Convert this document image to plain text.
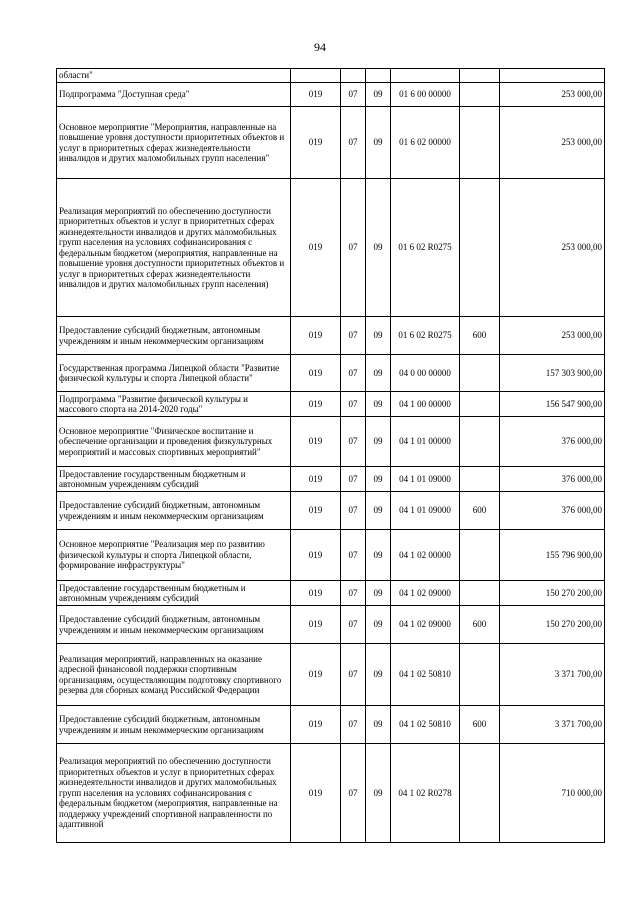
94
области"						
Подпрограмма "Доступная среда"	019	07	09	01 6 00 00000		253 000,00
Основное мероприятие "Мероприятия, направленные на повышение уровня доступности приоритетных объектов и услуг в приоритетных сферах жизнедеятельности инвалидов и других маломобильных групп населения"	019	07	09	01 6 02 00000		253 000,00
Реализация мероприятий по обеспечению доступности приоритетных объектов и услуг в приоритетных сферах жизнедеятельности инвалидов и других маломобильных групп населения на условиях софинансирования с федеральным бюджетом (мероприятия, направленные на повышение уровня доступности приоритетных объектов и услуг в приоритетных сферах жизнедеятельности инвалидов и других маломобильных групп населения)	019	07	09	01 6 02 R0275		253 000,00
Предоставление субсидий бюджетным, автономным учреждениям и иным некоммерческим организациям	019	07	09	01 6 02 R0275	600	253 000,00
Государственная программа Липецкой области "Развитие физической культуры и спорта Липецкой области"	019	07	09	04 0 00 00000		157 303 900,00
Подпрограмма "Развитие физической культуры и массового спорта на 2014-2020 годы"	019	07	09	04 1 00 00000		156 547 900,00
Основное мероприятие "Физическое воспитание и обеспечение организации и проведения физкультурных мероприятий и массовых спортивных мероприятий"	019	07	09	04 1 01 00000		376 000,00
Предоставление государственным бюджетным и автономным учреждениям субсидий	019	07	09	04 1 01 09000		376 000,00
Предоставление субсидий бюджетным, автономным учреждениям и иным некоммерческим организациям	019	07	09	04 1 01 09000	600	376 000,00
Основное мероприятие "Реализация мер по развитию физической культуры и спорта Липецкой области, формирование инфраструктуры"	019	07	09	04 1 02 00000		155 796 900,00
Предоставление государственным бюджетным и автономным учреждениям субсидий	019	07	09	04 1 02 09000		150 270 200,00
Предоставление субсидий бюджетным, автономным учреждениям и иным некоммерческим организациям	019	07	09	04 1 02 09000	600	150 270 200,00
Реализация мероприятий, направленных на оказание адресной финансовой поддержки спортивным организациям, осуществляющим подготовку спортивного резерва для сборных команд Российской Федерации	019	07	09	04 1 02 50810		3 371 700,00
Предоставление субсидий бюджетным, автономным учреждениям и иным некоммерческим организациям	019	07	09	04 1 02 50810	600	3 371 700,00
Реализация мероприятий по обеспечению доступности приоритетных объектов и услуг в приоритетных сферах жизнедеятельности инвалидов и других маломобильных групп населения на условиях софинансирования с федеральным бюджетом (мероприятия, направленные на поддержку учреждений спортивной направленности по адаптивной	019	07	09	04 1 02 R0278		710 000,00
